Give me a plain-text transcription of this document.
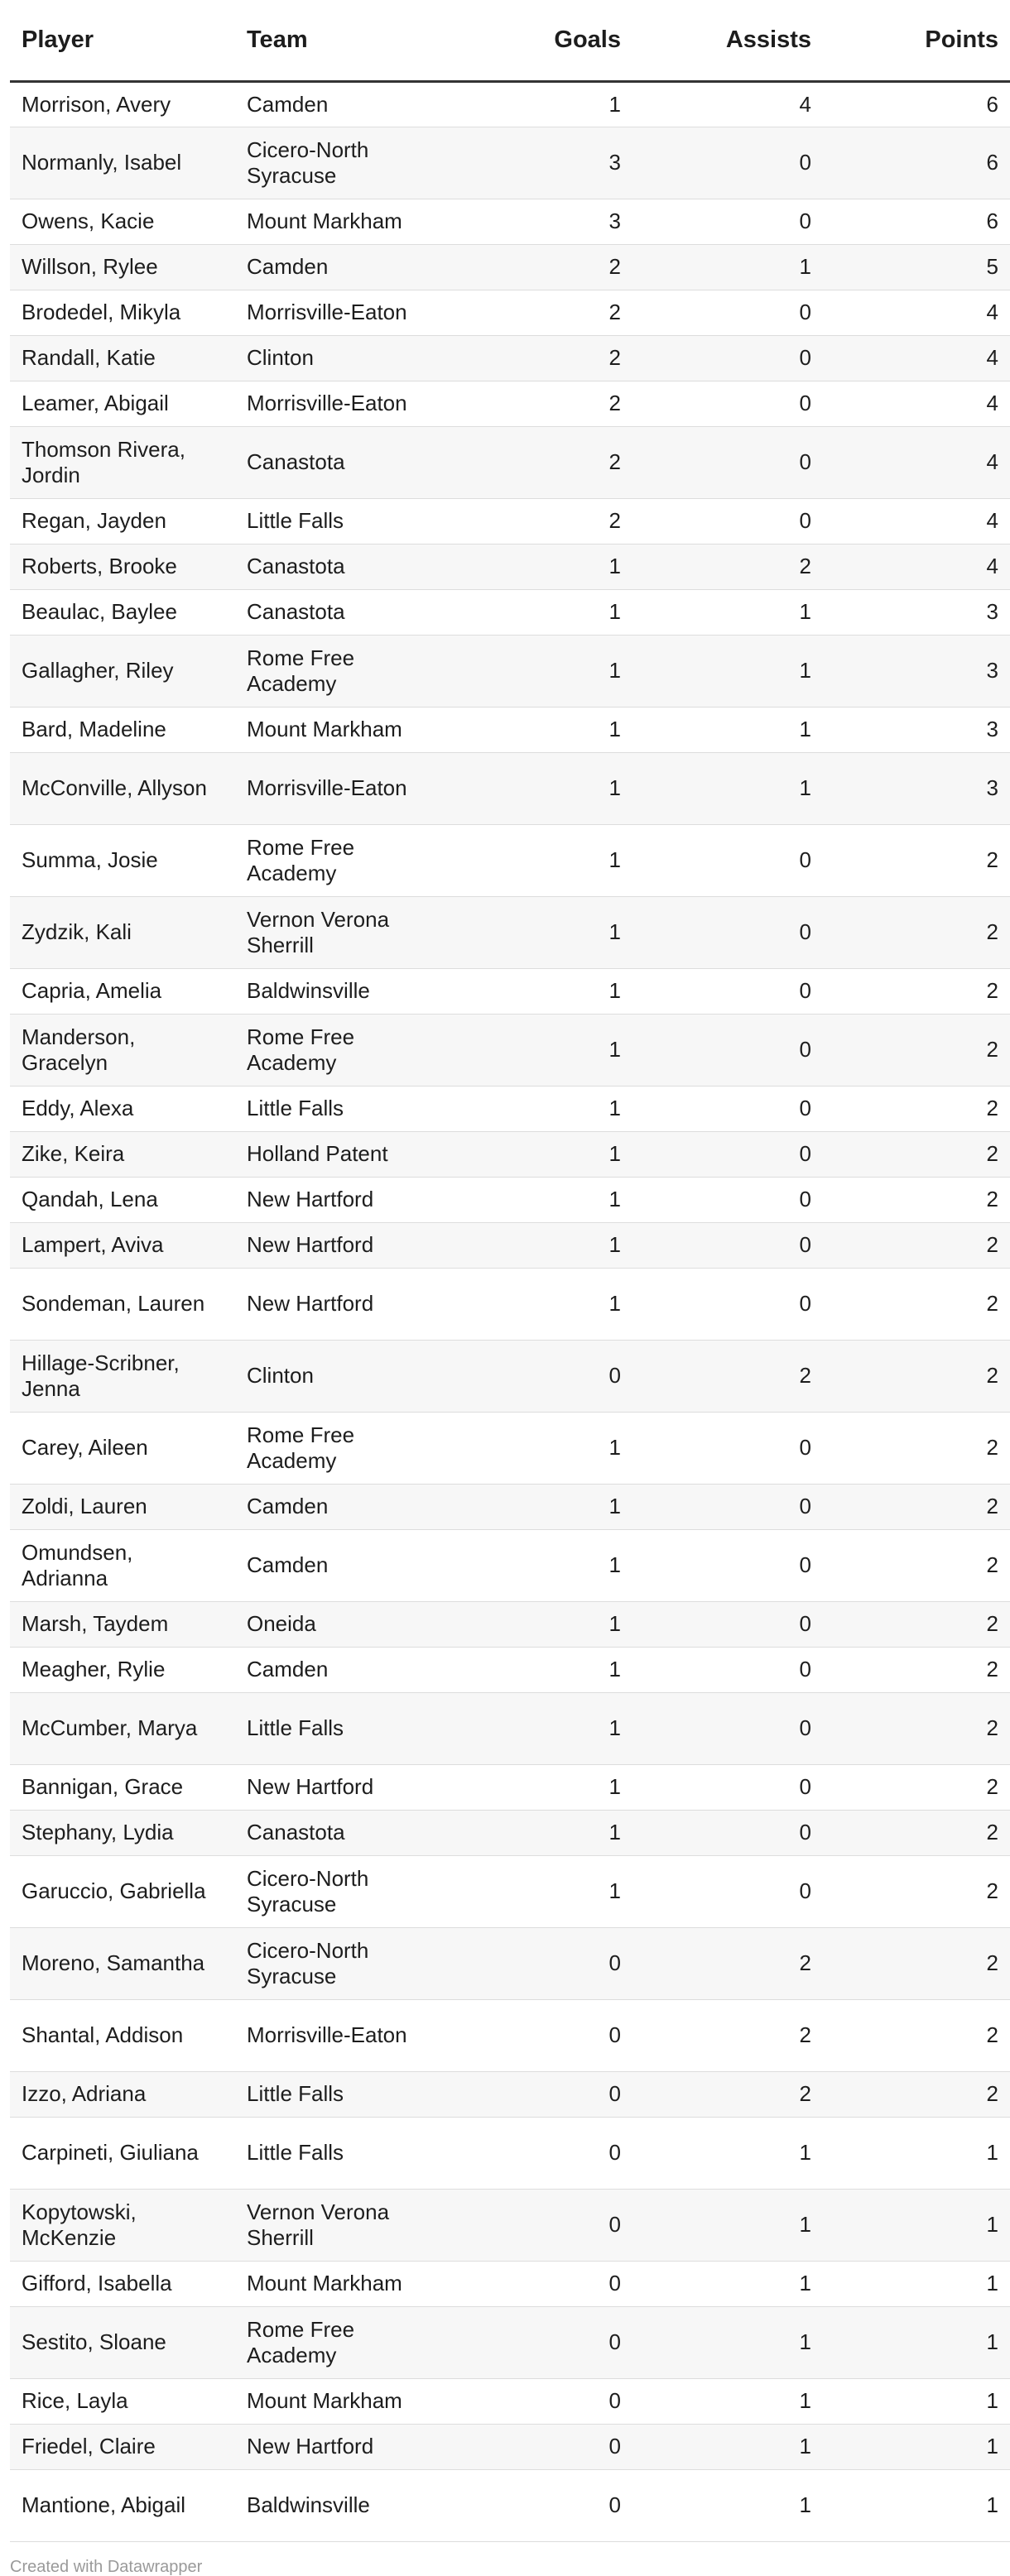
Player	Team	Goals	Assists	Points
Morrison, Avery	Camden	1	4	6
Normanly, Isabel	Cicero-North Syracuse	3	0	6
Owens, Kacie	Mount Markham	3	0	6
Willson, Rylee	Camden	2	1	5
Brodedel, Mikyla	Morrisville-Eaton	2	0	4
Randall, Katie	Clinton	2	0	4
Leamer, Abigail	Morrisville-Eaton	2	0	4
Thomson Rivera, Jordin	Canastota	2	0	4
Regan, Jayden	Little Falls	2	0	4
Roberts, Brooke	Canastota	1	2	4
Beaulac, Baylee	Canastota	1	1	3
Gallagher, Riley	Rome Free Academy	1	1	3
Bard, Madeline	Mount Markham	1	1	3
McConville, Allyson	Morrisville-Eaton	1	1	3
Summa, Josie	Rome Free Academy	1	0	2
Zydzik, Kali	Vernon Verona Sherrill	1	0	2
Capria, Amelia	Baldwinsville	1	0	2
Manderson, Gracelyn	Rome Free Academy	1	0	2
Eddy, Alexa	Little Falls	1	0	2
Zike, Keira	Holland Patent	1	0	2
Qandah, Lena	New Hartford	1	0	2
Lampert, Aviva	New Hartford	1	0	2
Sondeman, Lauren	New Hartford	1	0	2
Hillage-Scribner, Jenna	Clinton	0	2	2
Carey, Aileen	Rome Free Academy	1	0	2
Zoldi, Lauren	Camden	1	0	2
Omundsen, Adrianna	Camden	1	0	2
Marsh, Taydem	Oneida	1	0	2
Meagher, Rylie	Camden	1	0	2
McCumber, Marya	Little Falls	1	0	2
Bannigan, Grace	New Hartford	1	0	2
Stephany, Lydia	Canastota	1	0	2
Garuccio, Gabriella	Cicero-North Syracuse	1	0	2
Moreno, Samantha	Cicero-North Syracuse	0	2	2
Shantal, Addison	Morrisville-Eaton	0	2	2
Izzo, Adriana	Little Falls	0	2	2
Carpineti, Giuliana	Little Falls	0	1	1
Kopytowski, McKenzie	Vernon Verona Sherrill	0	1	1
Gifford, Isabella	Mount Markham	0	1	1
Sestito, Sloane	Rome Free Academy	0	1	1
Rice, Layla	Mount Markham	0	1	1
Friedel, Claire	New Hartford	0	1	1
Mantione, Abigail	Baldwinsville	0	1	1
Created with Datawrapper
